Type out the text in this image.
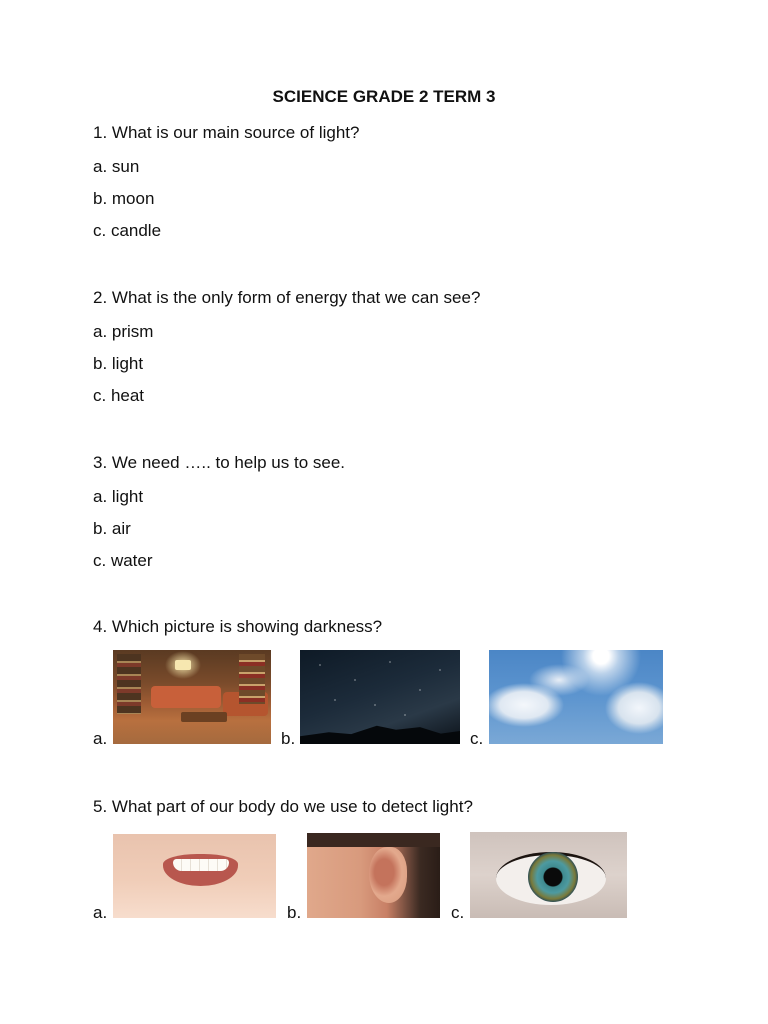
SCIENCE GRADE 2 TERM 3
1. What is our main source of light?
a. sun
b. moon
c. candle
2. What is the only form of energy that we can see?
a. prism
b. light
c. heat
3. We need ….. to help us to see.
a. light
b. air
c. water
4. Which picture is showing darkness?
a.	b.	c.
5. What part of our body do we use to detect light?
a.	b.	c.
